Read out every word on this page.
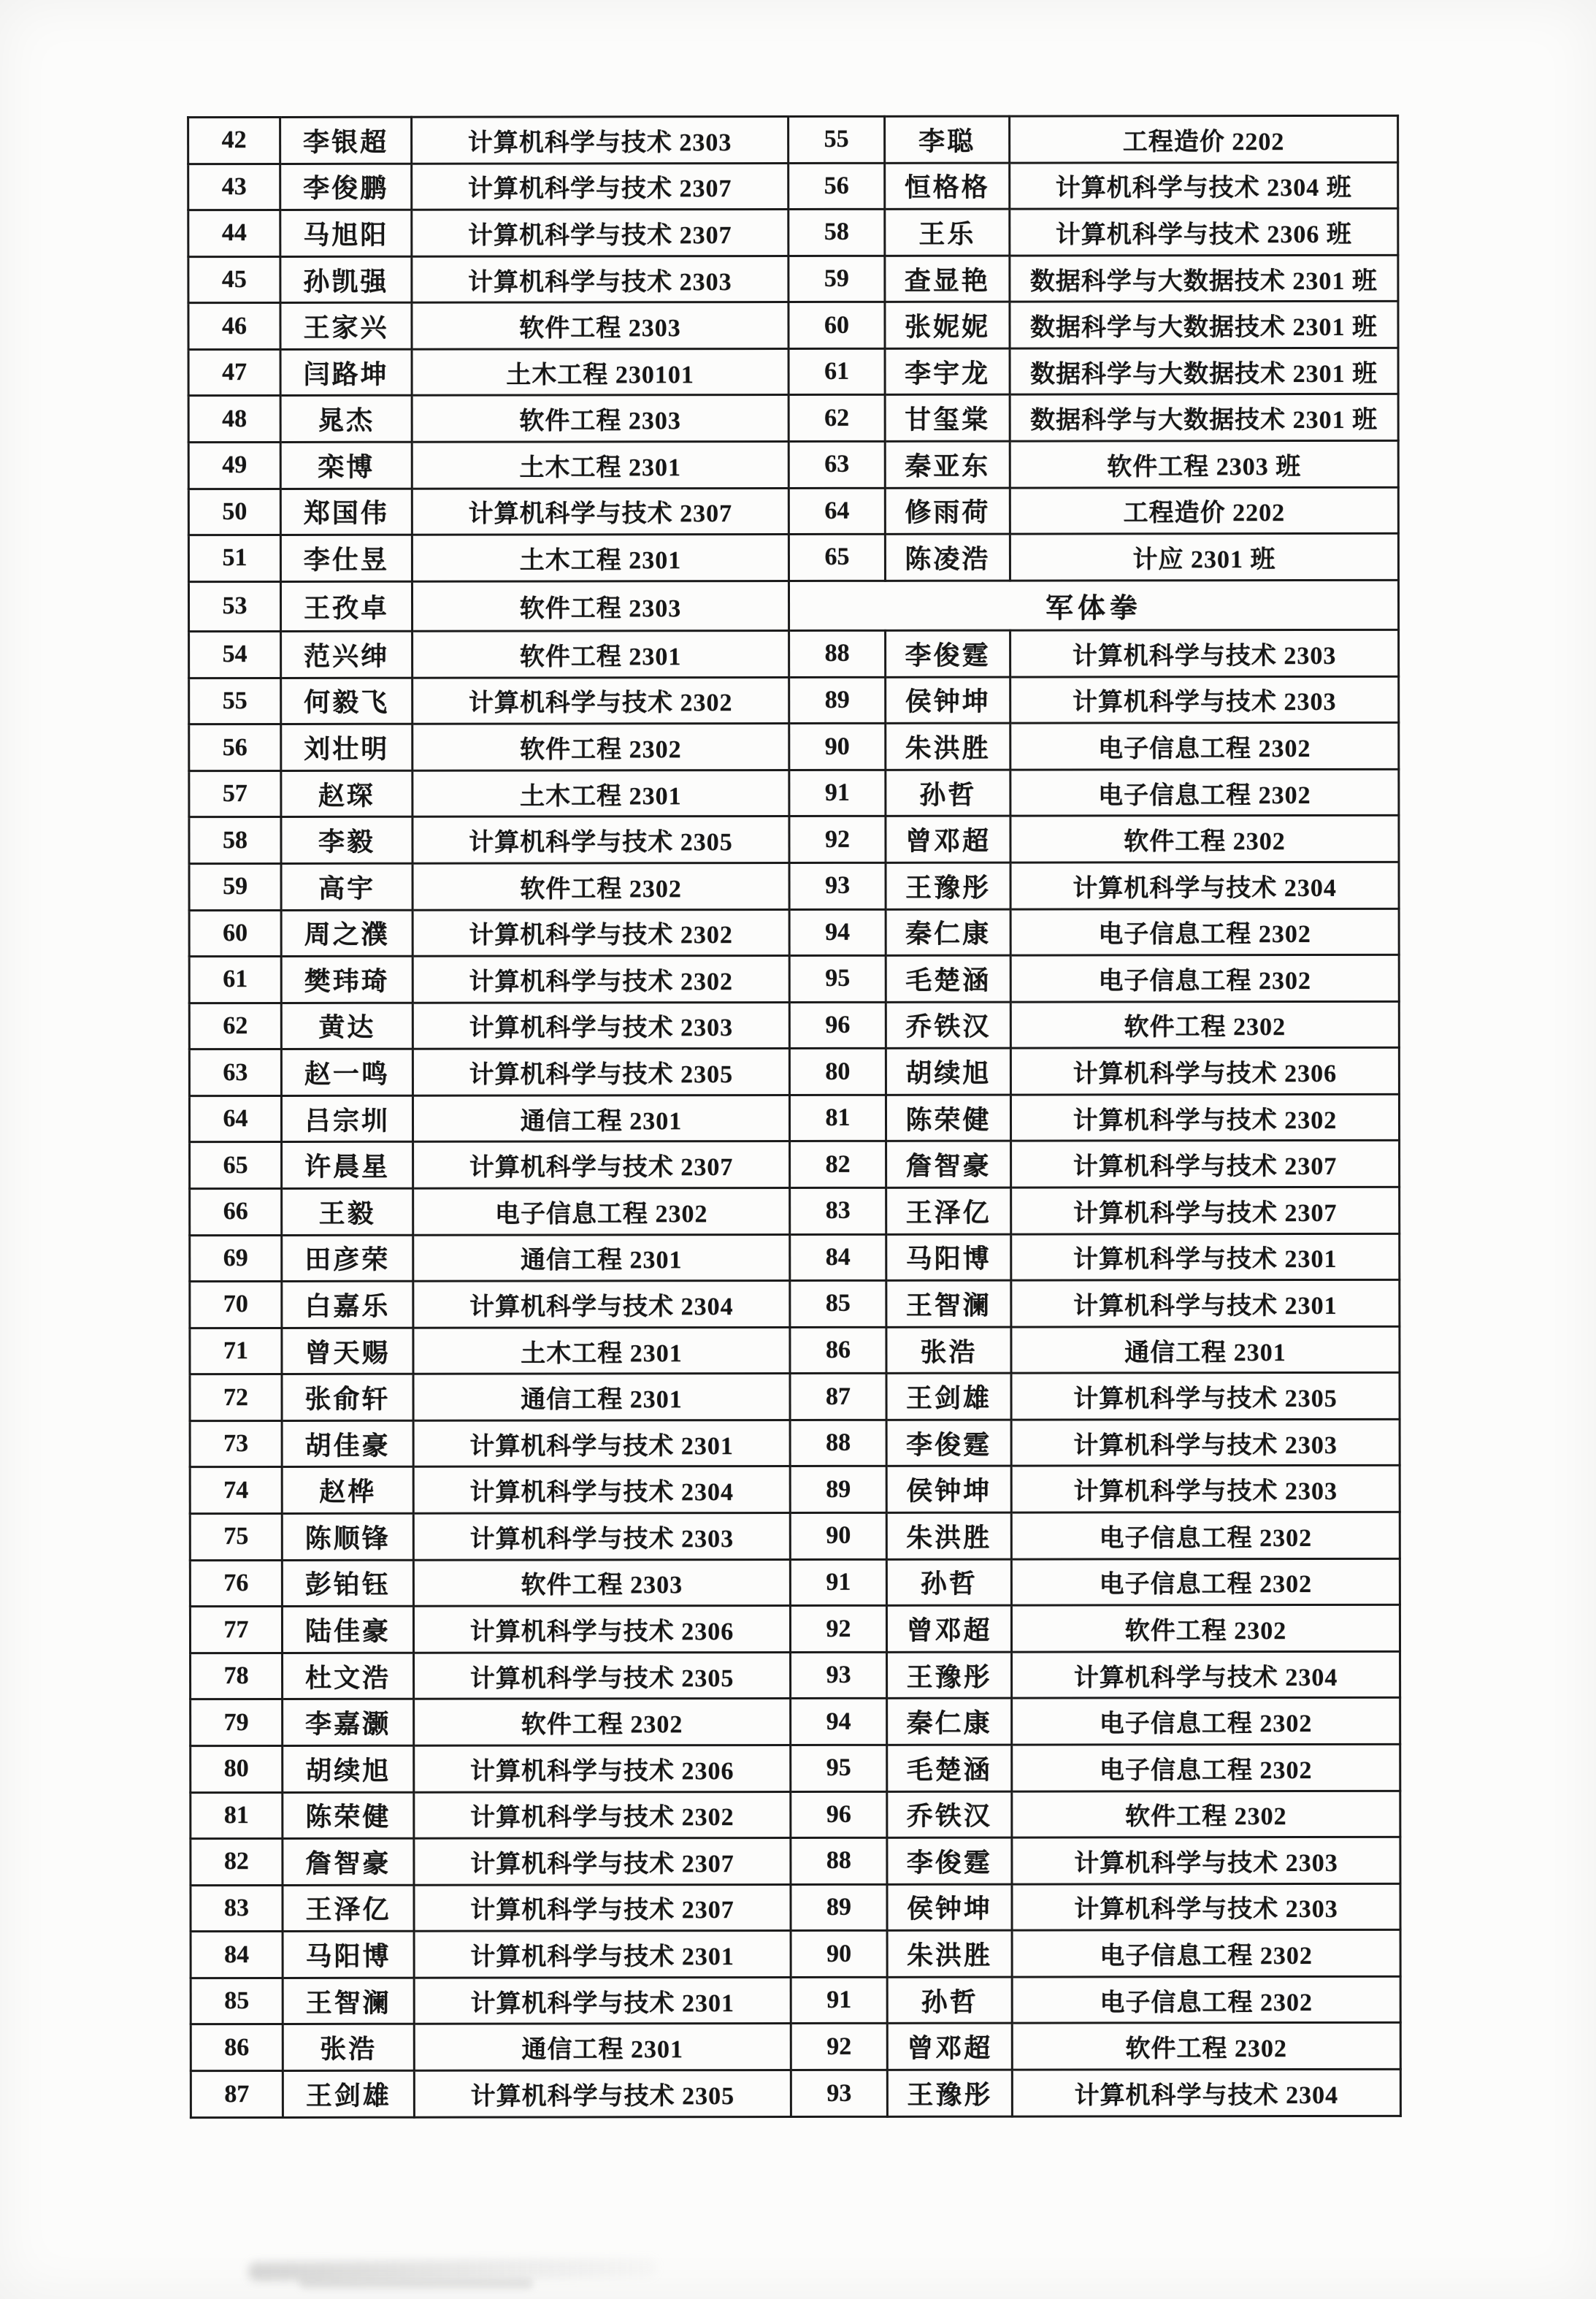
42	李银超	计算机科学与技术 2303	55	李聪	工程造价 2202
43	李俊鹏	计算机科学与技术 2307	56	恒格格	计算机科学与技术 2304 班
44	马旭阳	计算机科学与技术 2307	58	王乐	计算机科学与技术 2306 班
45	孙凯强	计算机科学与技术 2303	59	查显艳	数据科学与大数据技术 2301 班
46	王家兴	软件工程 2303	60	张妮妮	数据科学与大数据技术 2301 班
47	闫路坤	土木工程 230101	61	李宇龙	数据科学与大数据技术 2301 班
48	晁杰	软件工程 2303	62	甘玺棠	数据科学与大数据技术 2301 班
49	栾博	土木工程 2301	63	秦亚东	软件工程 2303 班
50	郑国伟	计算机科学与技术 2307	64	修雨荷	工程造价 2202
51	李仕昱	土木工程 2301	65	陈凌浩	计应 2301 班
53	王孜卓	软件工程 2303	军体拳		
54	范兴绅	软件工程 2301	88	李俊霆	计算机科学与技术 2303
55	何毅飞	计算机科学与技术 2302	89	侯钟坤	计算机科学与技术 2303
56	刘壮明	软件工程 2302	90	朱洪胜	电子信息工程 2302
57	赵琛	土木工程 2301	91	孙哲	电子信息工程 2302
58	李毅	计算机科学与技术 2305	92	曾邓超	软件工程 2302
59	高宇	软件工程 2302	93	王豫彤	计算机科学与技术 2304
60	周之濮	计算机科学与技术 2302	94	秦仁康	电子信息工程 2302
61	樊玮琦	计算机科学与技术 2302	95	毛楚涵	电子信息工程 2302
62	黄达	计算机科学与技术 2303	96	乔铁汉	软件工程 2302
63	赵一鸣	计算机科学与技术 2305	80	胡续旭	计算机科学与技术 2306
64	吕宗圳	通信工程 2301	81	陈荣健	计算机科学与技术 2302
65	许晨星	计算机科学与技术 2307	82	詹智豪	计算机科学与技术 2307
66	王毅	电子信息工程 2302	83	王泽亿	计算机科学与技术 2307
69	田彦荣	通信工程 2301	84	马阳博	计算机科学与技术 2301
70	白嘉乐	计算机科学与技术 2304	85	王智澜	计算机科学与技术 2301
71	曾天赐	土木工程 2301	86	张浩	通信工程 2301
72	张俞轩	通信工程 2301	87	王剑雄	计算机科学与技术 2305
73	胡佳豪	计算机科学与技术 2301	88	李俊霆	计算机科学与技术 2303
74	赵桦	计算机科学与技术 2304	89	侯钟坤	计算机科学与技术 2303
75	陈顺锋	计算机科学与技术 2303	90	朱洪胜	电子信息工程 2302
76	彭铂钰	软件工程 2303	91	孙哲	电子信息工程 2302
77	陆佳豪	计算机科学与技术 2306	92	曾邓超	软件工程 2302
78	杜文浩	计算机科学与技术 2305	93	王豫彤	计算机科学与技术 2304
79	李嘉灏	软件工程 2302	94	秦仁康	电子信息工程 2302
80	胡续旭	计算机科学与技术 2306	95	毛楚涵	电子信息工程 2302
81	陈荣健	计算机科学与技术 2302	96	乔铁汉	软件工程 2302
82	詹智豪	计算机科学与技术 2307	88	李俊霆	计算机科学与技术 2303
83	王泽亿	计算机科学与技术 2307	89	侯钟坤	计算机科学与技术 2303
84	马阳博	计算机科学与技术 2301	90	朱洪胜	电子信息工程 2302
85	王智澜	计算机科学与技术 2301	91	孙哲	电子信息工程 2302
86	张浩	通信工程 2301	92	曾邓超	软件工程 2302
87	王剑雄	计算机科学与技术 2305	93	王豫彤	计算机科学与技术 2304
